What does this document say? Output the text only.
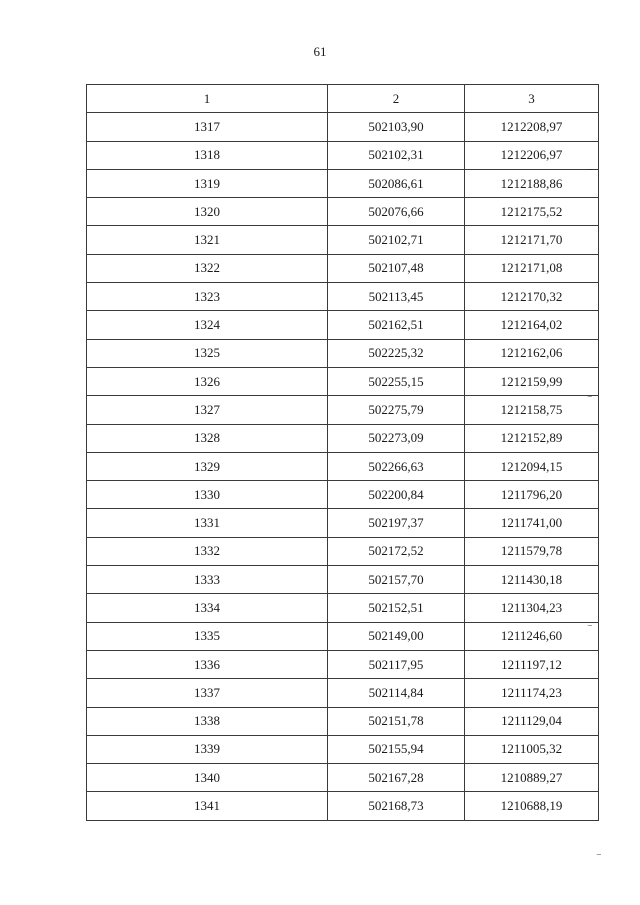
61
1	2	3
1317	502103,90	1212208,97
1318	502102,31	1212206,97
1319	502086,61	1212188,86
1320	502076,66	1212175,52
1321	502102,71	1212171,70
1322	502107,48	1212171,08
1323	502113,45	1212170,32
1324	502162,51	1212164,02
1325	502225,32	1212162,06
1326	502255,15	1212159,99
1327	502275,79	1212158,75
1328	502273,09	1212152,89
1329	502266,63	1212094,15
1330	502200,84	1211796,20
1331	502197,37	1211741,00
1332	502172,52	1211579,78
1333	502157,70	1211430,18
1334	502152,51	1211304,23
1335	502149,00	1211246,60
1336	502117,95	1211197,12
1337	502114,84	1211174,23
1338	502151,78	1211129,04
1339	502155,94	1211005,32
1340	502167,28	1210889,27
1341	502168,73	1210688,19
‾
‾
‾
‾
